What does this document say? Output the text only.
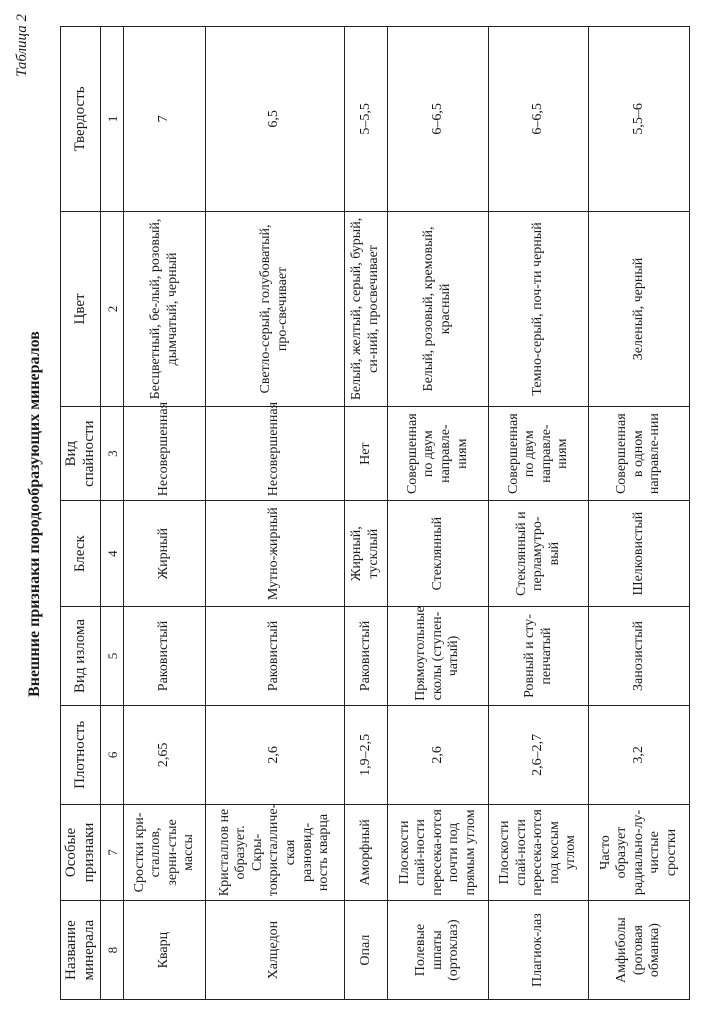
Таблица 2
Внешние признаки породообразующих минералов
Название минерала	Особые признаки	Плотность	Вид излома	Блеск	Вид спайности	Цвет	Твердость
8	7	6	5	4	3	2	1
Кварц	Сростки кри-сталлов, зерни-стые массы	2,65	Раковистый	Жирный	Несовершенная	Бесцветный, бе-лый, розовый, дымчатый, черный	7
Халцедон	Кристаллов не образует. Скры-токристалличе-ская разновид-ность кварца	2,6	Раковистый	Мутно-жирный	Несовершенная	Светло-серый, голубоватый, про-свечивает	6,5
Опал	Аморфный	1,9–2,5	Раковистый	Жирный, тусклый	Нет	Белый, желтый, серый, бурый, си-ний, просвечивает	5–5,5
Полевые шпаты (ортоклаз)	Плоскости спай-ности пересека-ются почти под прямым углом	2,6	Прямоугольные сколы (ступен-чатый)	Стеклянный	Совершенная по двум направле-ниям	Белый, розовый, кремовый, красный	6–6,5
Плагиок-лаз	Плоскости спай-ности пересека-ются под косым углом	2,6–2,7	Ровный и сту-пенчатый	Стеклянный и перламутро-вый	Совершенная по двум направле-ниям	Темно-серый, поч-ти черный	6–6,5
Амфиболы (роговая обманка)	Часто образует радиально-лу-чистые сростки	3,2	Занозистый	Шелковистый	Совершенная в одном направле-нии	Зеленый, черный	5,5–6
